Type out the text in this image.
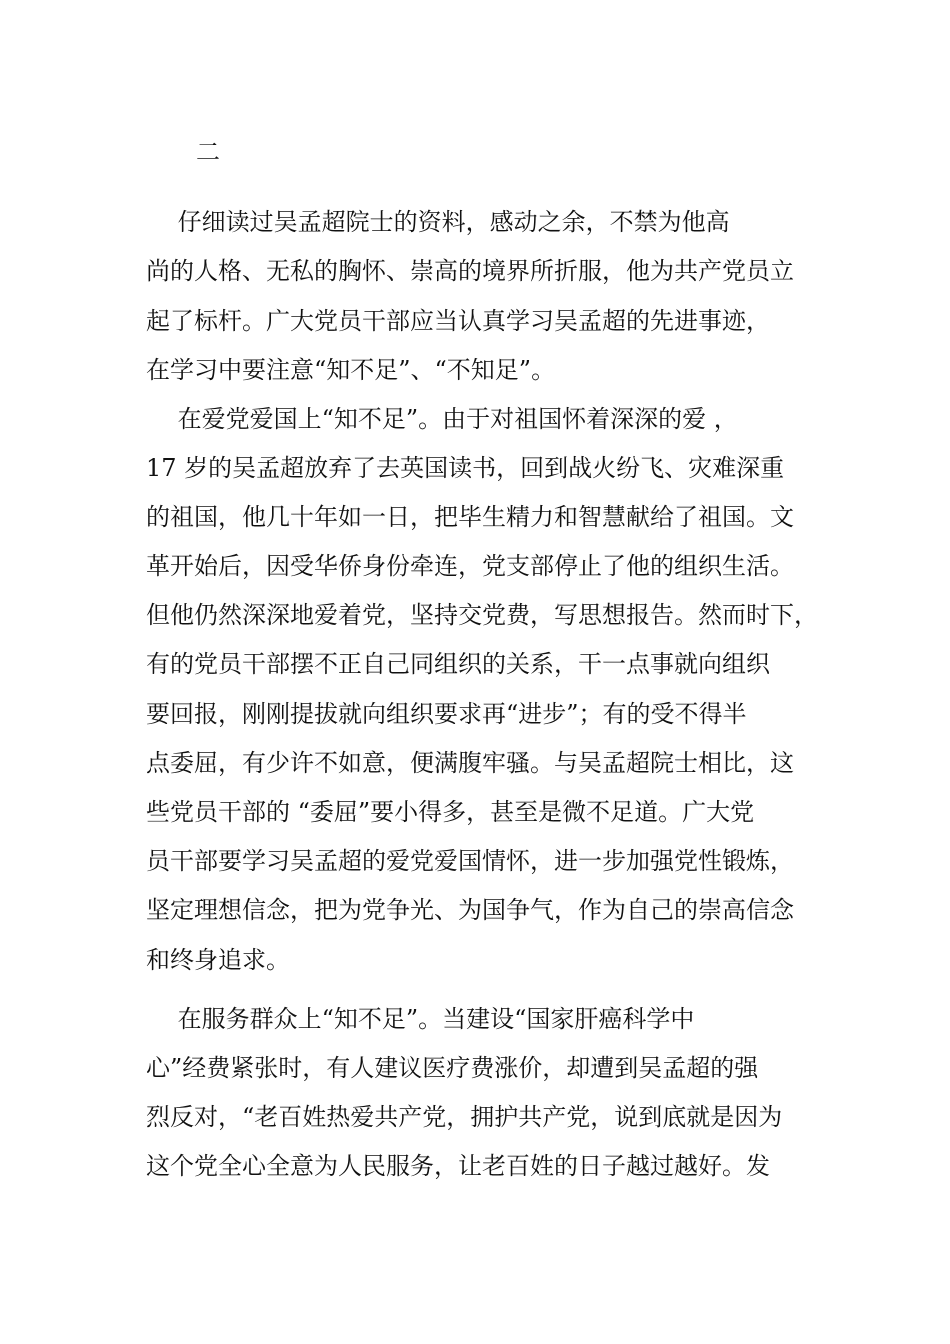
二
　 仔细读过吴孟超院士的资料，感动之余，不禁为他高
尚的人格、无私的胸怀、崇高的境界所折服，他为共产党员立
起了标杆。广大党员干部应当认真学习吴孟超的先进事迹，
在学习中要注意“知不足”、“不知足”。
　 在爱党爱国上“知不足”。由于对祖国怀着深深的爱 ，
17 岁的吴孟超放弃了去英国读书，回到战火纷飞、灾难深重
的祖国，他几十年如一日，把毕生精力和智慧献给了祖国。文
革开始后，因受华侨身份牵连，党支部停止了他的组织生活。
但他仍然深深地爱着党，坚持交党费，写思想报告。然而时下，
有的党员干部摆不正自己同组织的关系，干一点事就向组织
要回报，刚刚提拔就向组织要求再“进步”；有的受不得半
点委屈，有少许不如意，便满腹牢骚。与吴孟超院士相比，这
些党员干部的 “委屈”要小得多，甚至是微不足道。广大党
员干部要学习吴孟超的爱党爱国情怀，进一步加强党性锻炼，
坚定理想信念，把为党争光、为国争气，作为自己的崇高信念
和终身追求。
　 在服务群众上“知不足”。当建设“国家肝癌科学中
心”经费紧张时，有人建议医疗费涨价，却遭到吴孟超的强
烈反对，“老百姓热爱共产党，拥护共产党，说到底就是因为
这个党全心全意为人民服务，让老百姓的日子越过越好。发
